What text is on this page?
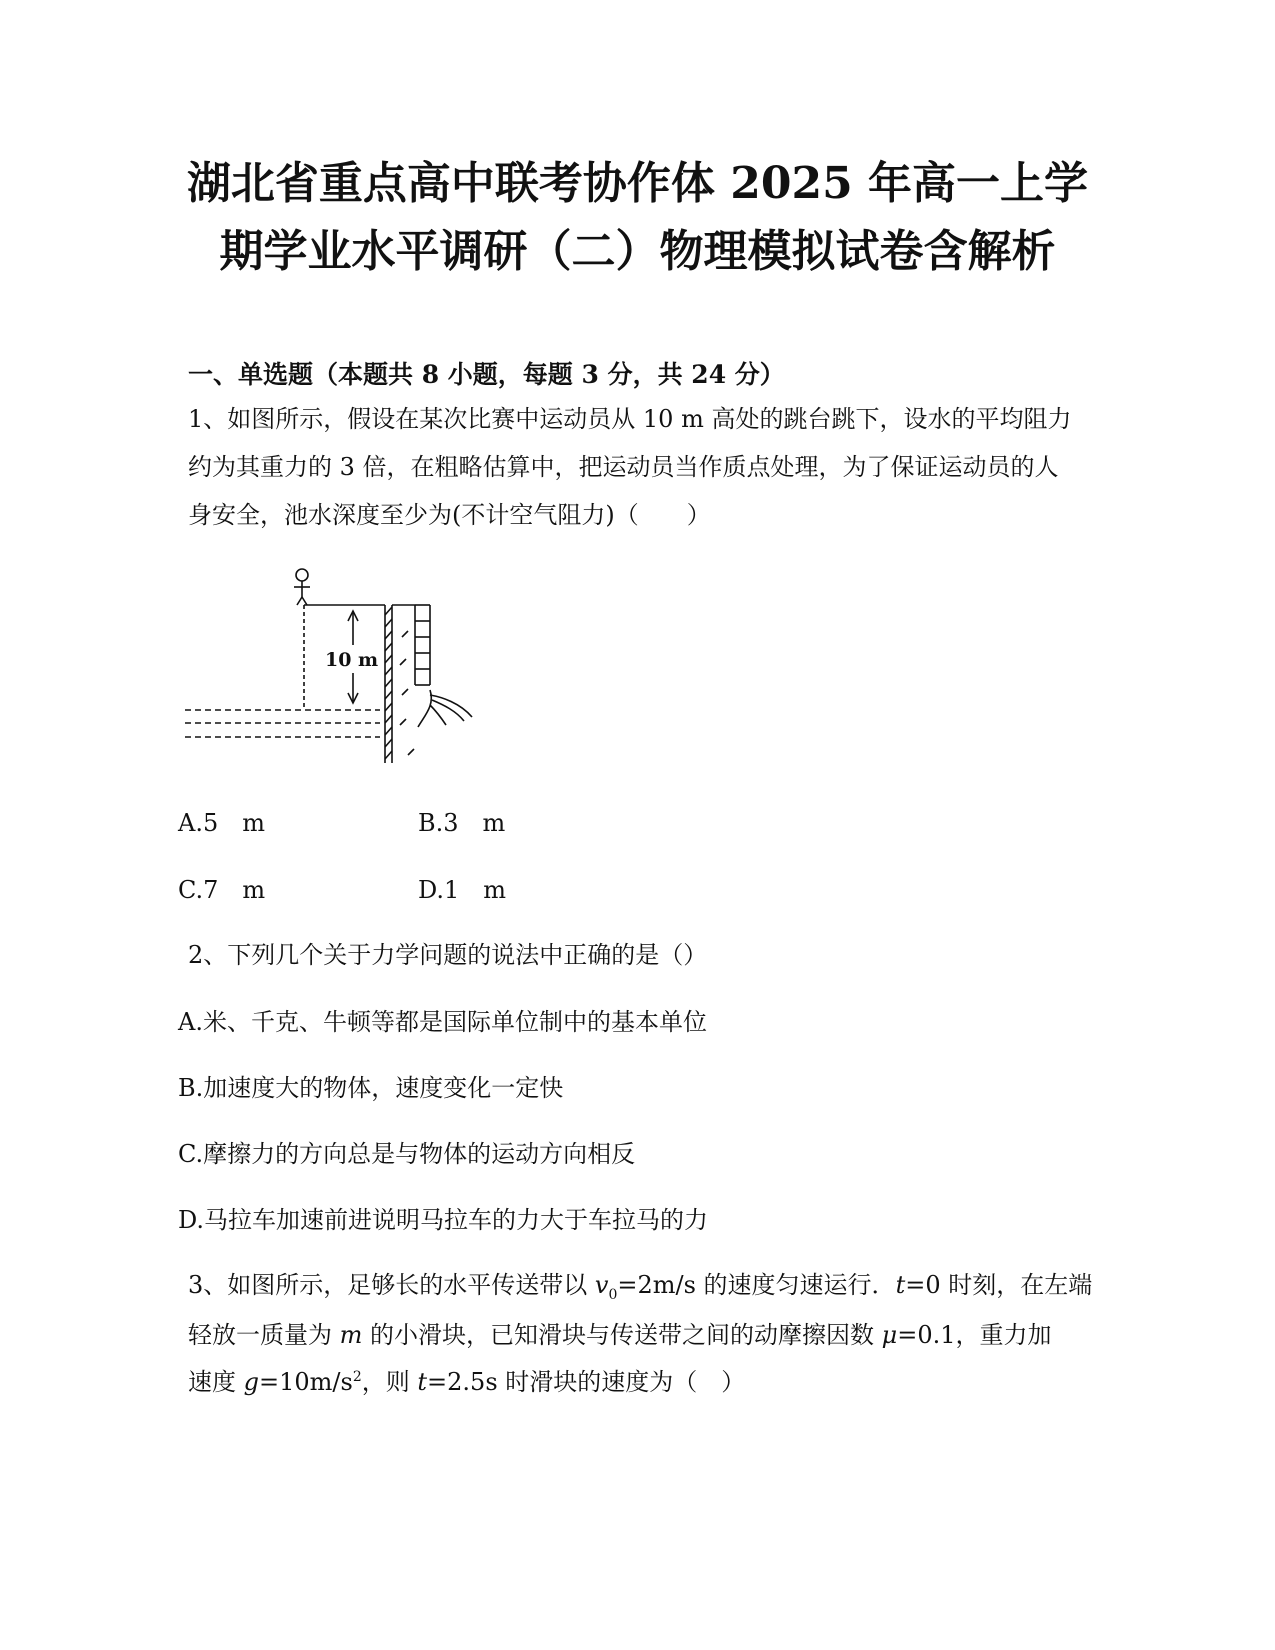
湖北省重点高中联考协作体 2025 年高一上学
期学业水平调研（二）物理模拟试卷含解析
一、单选题（本题共 8 小题，每题 3 分，共 24 分）
1、如图所示，假设在某次比赛中运动员从 10 m 高处的跳台跳下，设水的平均阻力
约为其重力的 3 倍，在粗略估算中，把运动员当作质点处理，为了保证运动员的人
身安全，池水深度至少为(不计空气阻力)（　　）
10 m
A.5　m	B.3　m
C.7　m	D.1　m
2、下列几个关于力学问题的说法中正确的是（）
A.米、千克、牛顿等都是国际单位制中的基本单位
B.加速度大的物体，速度变化一定快
C.摩擦力的方向总是与物体的运动方向相反
D.马拉车加速前进说明马拉车的力大于车拉马的力
3、如图所示，足够长的水平传送带以 $v_0=2m/s$ 的速度匀速运行．t=0 时刻，在左端
轻放一质量为 m 的小滑块，已知滑块与传送带之间的动摩擦因数 μ=0.1，重力加
速度 $g=10m/s^2$，则 t=2.5s 时滑块的速度为（　）
